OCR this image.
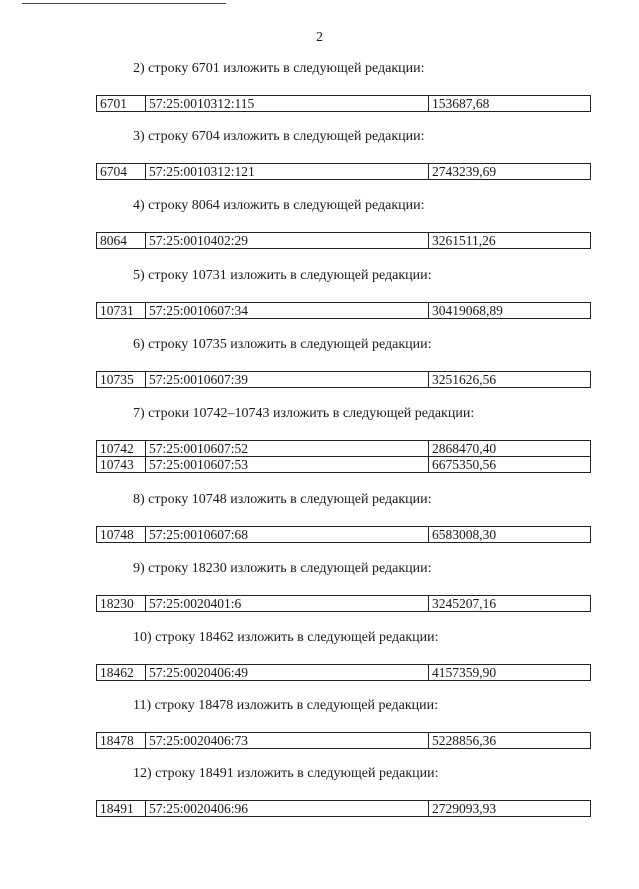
2
2) строку 6701 изложить в следующей редакции:
6701	57:25:0010312:115	153687,68
3) строку 6704 изложить в следующей редакции:
6704	57:25:0010312:121	2743239,69
4) строку 8064 изложить в следующей редакции:
8064	57:25:0010402:29	3261511,26
5) строку 10731 изложить в следующей редакции:
10731	57:25:0010607:34	30419068,89
6) строку 10735 изложить в следующей редакции:
10735	57:25:0010607:39	3251626,56
7) строки 10742–10743 изложить в следующей редакции:
10742	57:25:0010607:52	2868470,40
10743	57:25:0010607:53	6675350,56
8) строку 10748 изложить в следующей редакции:
10748	57:25:0010607:68	6583008,30
9) строку 18230 изложить в следующей редакции:
18230	57:25:0020401:6	3245207,16
10) строку 18462 изложить в следующей редакции:
18462	57:25:0020406:49	4157359,90
11) строку 18478 изложить в следующей редакции:
18478	57:25:0020406:73	5228856,36
12) строку 18491 изложить в следующей редакции:
18491	57:25:0020406:96	2729093,93
